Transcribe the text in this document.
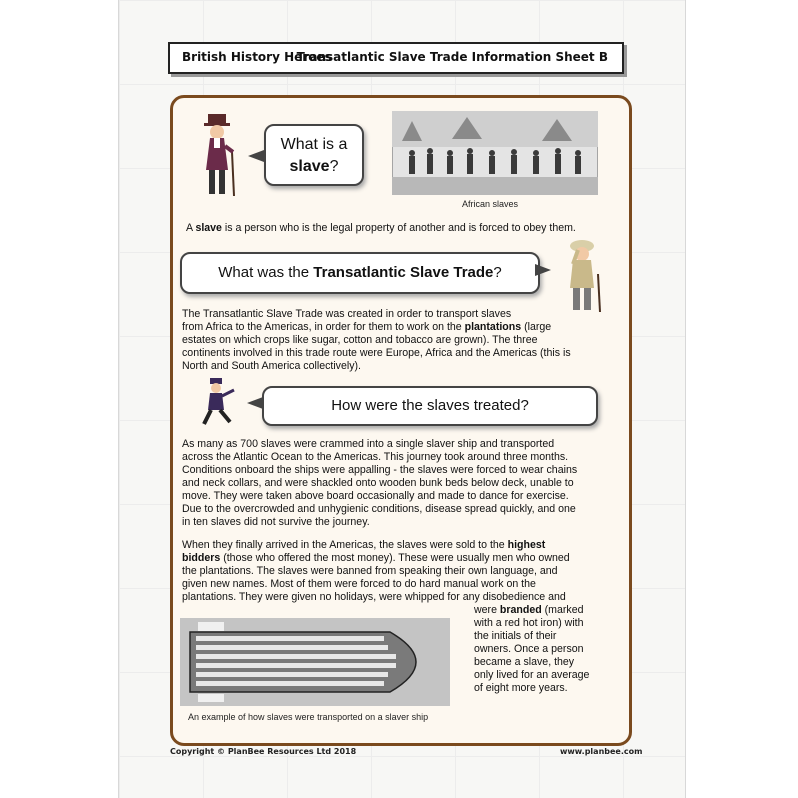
British History Heroes
Transatlantic Slave Trade Information Sheet B
What is a
slave?
African slaves
A slave is a person who is the legal property of another and is forced to obey them.
What was the Transatlantic Slave Trade?
The Transatlantic Slave Trade was created in order to transport slaves
from Africa to the Americas, in order for them to work on the plantations (large
estates on which crops like sugar, cotton and tobacco are grown). The three
continents involved in this trade route were Europe, Africa and the Americas (this is
North and South America collectively).
How were the slaves treated?
As many as 700 slaves were crammed into a single slaver ship and transported
across the Atlantic Ocean to the Americas. This journey took around three months.
Conditions onboard the ships were appalling - the slaves were forced to wear chains
and neck collars, and were shackled onto wooden bunk beds below deck, unable to
move. They were taken above board occasionally and made to dance for exercise.
Due to the overcrowded and unhygienic conditions, disease spread quickly, and one
in ten slaves did not survive the journey.
When they finally arrived in the Americas, the slaves were sold to the highest
bidders (those who offered the most money). These were usually men who owned
the plantations. The slaves were banned from speaking their own language, and
given new names. Most of them were forced to do hard manual work on the
plantations. They were given no holidays, were whipped for any disobedience and
were branded (marked
with a red hot iron) with
the initials of their
owners. Once a person
became a slave, they
only lived for an average
of eight more years.
An example of how slaves were transported on a slaver ship
Copyright © PlanBee Resources Ltd 2018	www.planbee.com
